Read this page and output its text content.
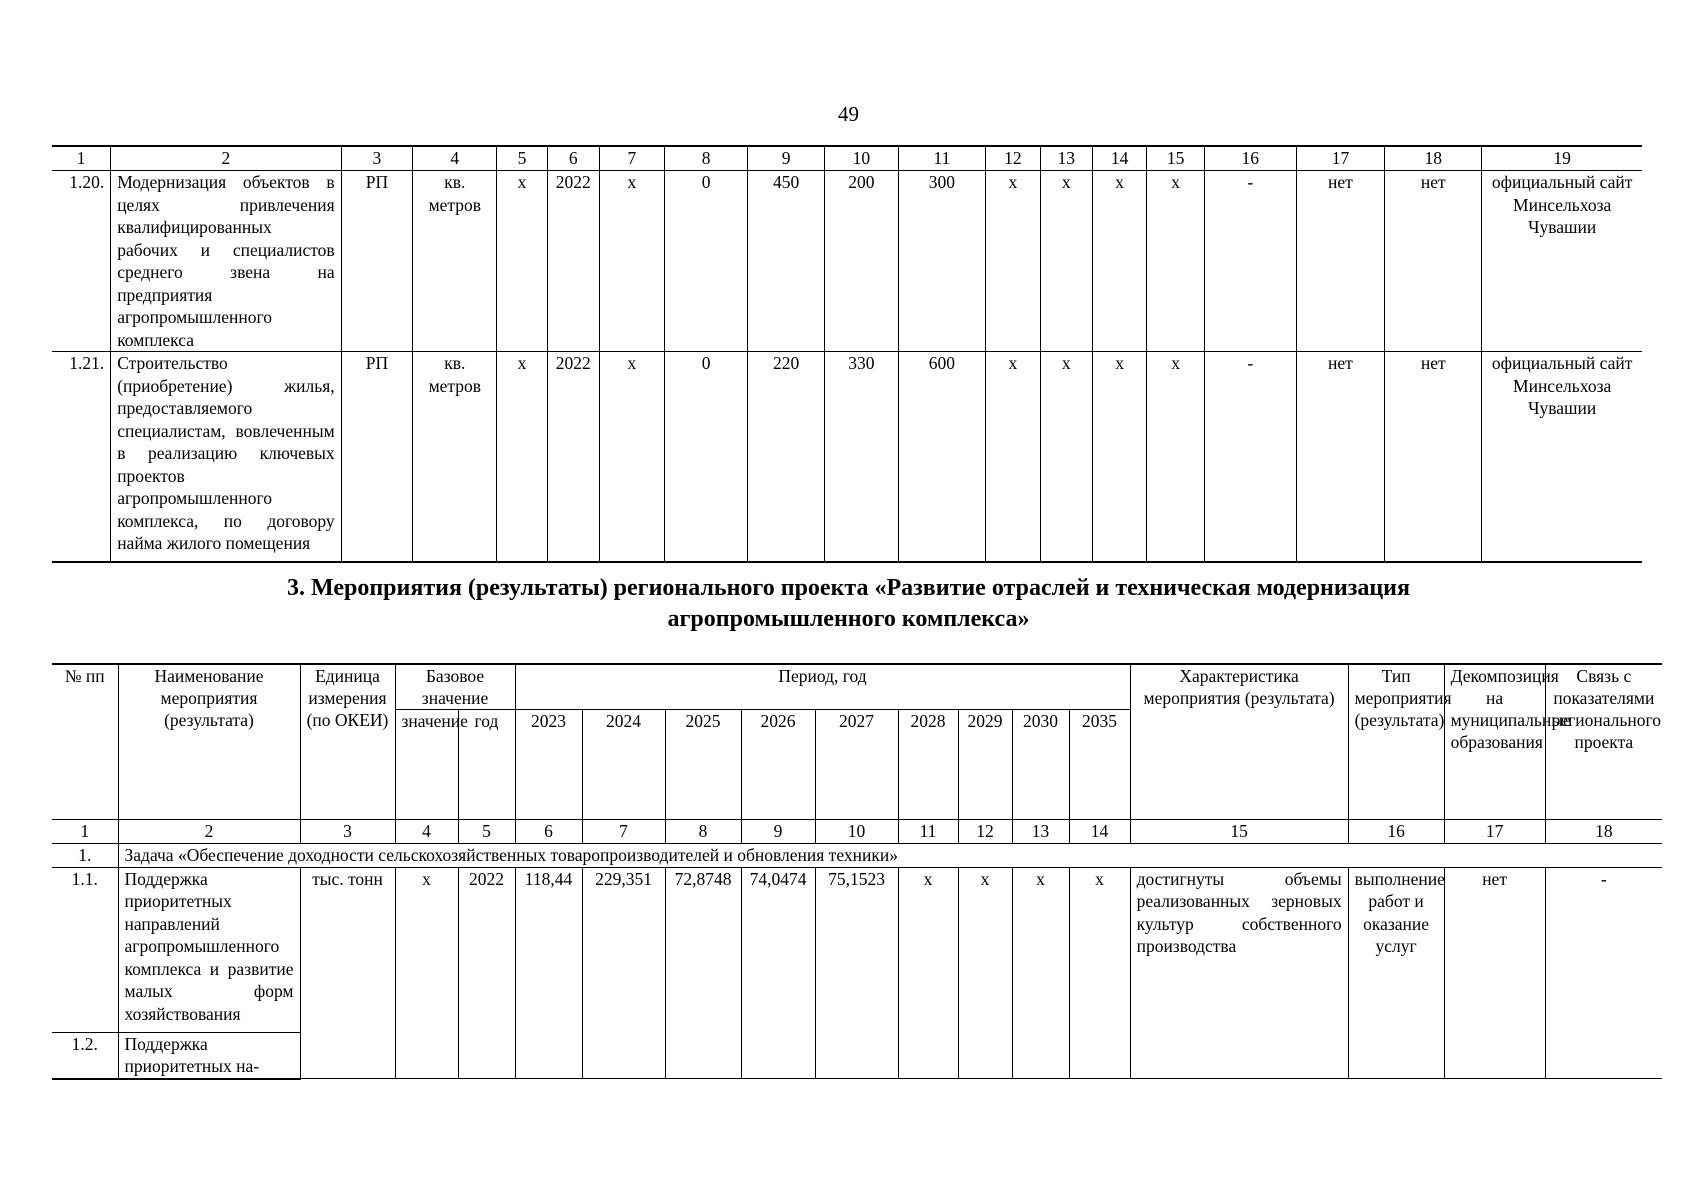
49
1	2	3	4	5	6	7	8	9	10	11	12	13	14	15	16	17	18	19
1.20.	Модернизация объектов в целях привлечения квалифицированных рабочих и специалистов среднего звена на предприятия агропромышленного комплекса	РП	кв. метров	х	2022	х	0	450	200	300	х	х	х	х	-	нет	нет	официальный сайт Минсельхоза Чувашии
1.21.	Строительство (приобретение) жилья, предоставляемого специалистам, вовлеченным в реализацию ключевых проектов агропромышленного комплекса, по договору найма жилого помещения	РП	кв. метров	х	2022	х	0	220	330	600	х	х	х	х	-	нет	нет	официальный сайт Минсельхоза Чувашии
3. Мероприятия (результаты) регионального проекта «Развитие отраслей и техническая модернизация агропромышленного комплекса»
№ пп	Наименование мероприятия (результата)	Единица измерения (по ОКЕИ)	Базовое значение		Период, год									Характеристика мероприятия (результата)	Тип мероприятия (результата)	Декомпозиция на муниципальные образования	Связь с показателями регионального проекта
			значение	год	2023	2024	2025	2026	2027	2028	2029	2030	2035				

1	2	3	4	5	6	7	8	9	10	11	12	13	14	15	16	17	18
1.	Задача «Обеспечение доходности сельскохозяйственных товаропроизводителей и обновления техники»																
1.1.	Поддержка приоритетных направлений агропромышленного комплекса и развитие малых форм хозяйствования	тыс. тонн	х	2022	118,44	229,351	72,8748	74,0474	75,1523	х	х	х	х	достигнуты объемы реализованных зерновых культур собственного производства	выполнение работ и оказание услуг	нет	-
1.2.	Поддержка приоритетных на-																
